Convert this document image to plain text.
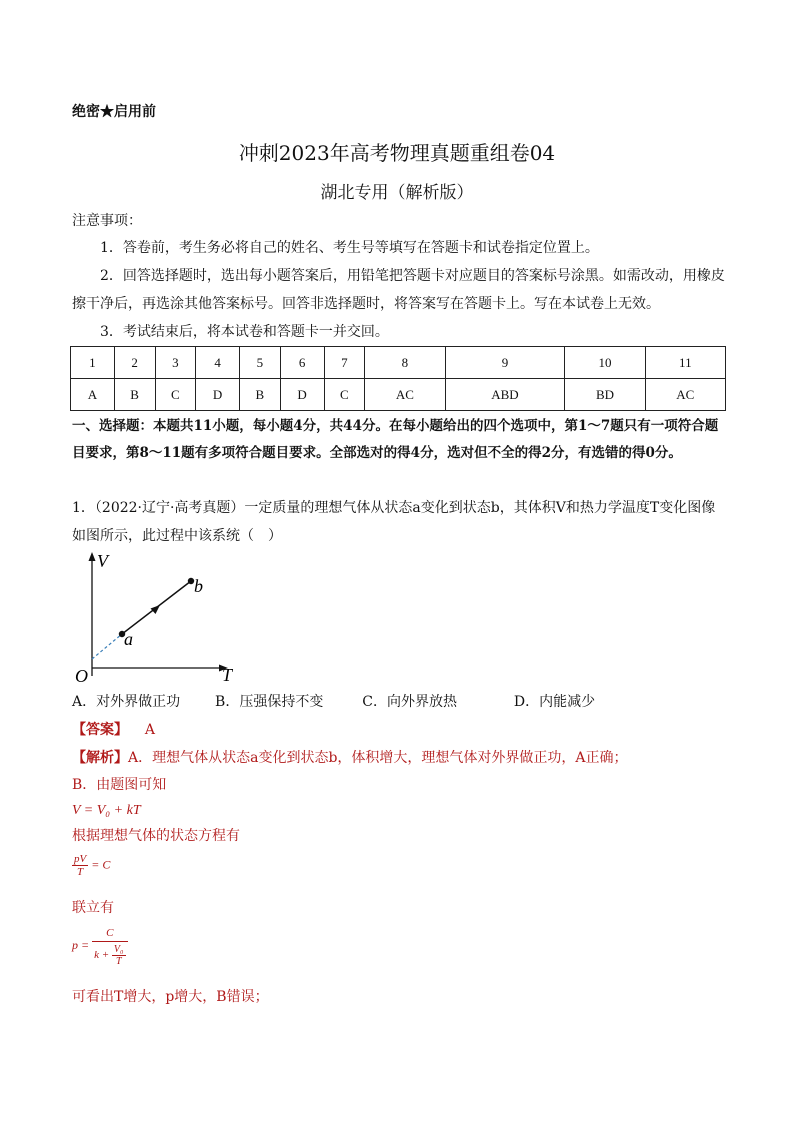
绝密★启用前
冲刺2023年高考物理真题重组卷04
湖北专用（解析版）
注意事项：
1．答卷前，考生务必将自己的姓名、考生号等填写在答题卡和试卷指定位置上。
2．回答选择题时，选出每小题答案后，用铅笔把答题卡对应题目的答案标号涂黑。如需改动，用橡皮擦干净后，再选涂其他答案标号。回答非选择题时，将答案写在答题卡上。写在本试卷上无效。
3．考试结束后，将本试卷和答题卡一并交回。
1	2	3	4	5	6	7	8	9	10	11
A	B	C	D	B	D	C	AC	ABD	BD	AC
一、选择题：本题共11小题，每小题4分，共44分。在每小题给出的四个选项中，第1～7题只有一项符合题目要求，第8～11题有多项符合题目要求。全部选对的得4分，选对但不全的得2分，有选错的得0分。
1．（2022·辽宁·高考真题）一定质量的理想气体从状态a变化到状态b，其体积V和热力学温度T变化图像如图所示，此过程中该系统（　）
V
T
O
a
b
A．对外界做正功 B．压强保持不变	C．向外界放热	D．内能减少
【答案】 A
【解析】A．理想气体从状态a变化到状态b，体积增大，理想气体对外界做正功，A正确；
B．由题图可知
V = V₀ + kT
根据理想气体的状态方程有
$\frac{pV}{T} = C$
联立有
$p = \frac{C}{k + \frac{\text{V₀}}{T}}$
可看出T增大，p增大，B错误；
